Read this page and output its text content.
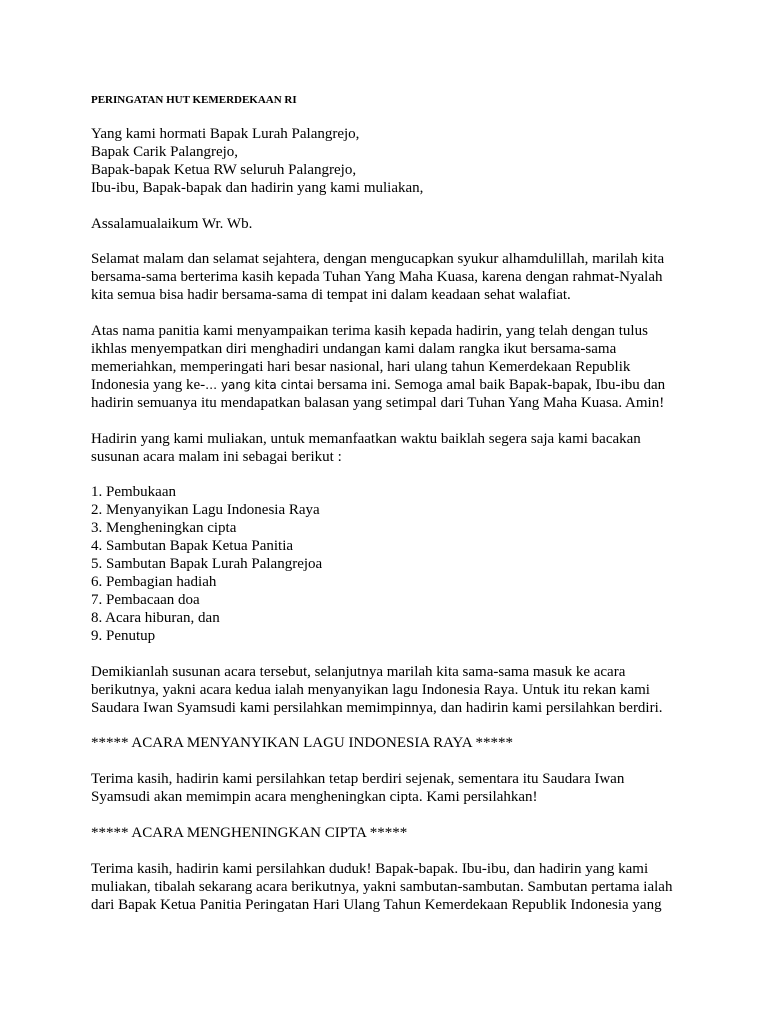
PERINGATAN HUT KEMERDEKAAN RI
Yang kami hormati Bapak Lurah Palangrejo,
Bapak Carik Palangrejo,
Bapak-bapak Ketua RW seluruh Palangrejo,
Ibu-ibu, Bapak-bapak dan hadirin yang kami muliakan,
Assalamualaikum Wr. Wb.
Selamat malam dan selamat sejahtera, dengan mengucapkan syukur alhamdulillah, marilah kita
bersama-sama berterima kasih kepada Tuhan Yang Maha Kuasa, karena dengan rahmat-Nyalah
kita semua bisa hadir bersama-sama di tempat ini dalam keadaan sehat walafiat.
Atas nama panitia kami menyampaikan terima kasih kepada hadirin, yang telah dengan tulus
ikhlas menyempatkan diri menghadiri undangan kami dalam rangka ikut bersama-sama
memeriahkan, memperingati hari besar nasional, hari ulang tahun Kemerdekaan Republik
Indonesia yang ke-… yang kita cintai bersama ini. Semoga amal baik Bapak-bapak, Ibu-ibu dan
hadirin semuanya itu mendapatkan balasan yang setimpal dari Tuhan Yang Maha Kuasa. Amin!
Hadirin yang kami muliakan, untuk memanfaatkan waktu baiklah segera saja kami bacakan
susunan acara malam ini sebagai berikut :
1. Pembukaan
2. Menyanyikan Lagu Indonesia Raya
3. Mengheningkan cipta
4. Sambutan Bapak Ketua Panitia
5. Sambutan Bapak Lurah Palangrejoa
6. Pembagian hadiah
7. Pembacaan doa
8. Acara hiburan, dan
9. Penutup
Demikianlah susunan acara tersebut, selanjutnya marilah kita sama-sama masuk ke acara
berikutnya, yakni acara kedua ialah menyanyikan lagu Indonesia Raya. Untuk itu rekan kami
Saudara Iwan Syamsudi kami persilahkan memimpinnya, dan hadirin kami persilahkan berdiri.
***** ACARA MENYANYIKAN LAGU INDONESIA RAYA *****
Terima kasih, hadirin kami persilahkan tetap berdiri sejenak, sementara itu Saudara Iwan
Syamsudi akan memimpin acara mengheningkan cipta. Kami persilahkan!
***** ACARA MENGHENINGKAN CIPTA *****
Terima kasih, hadirin kami persilahkan duduk! Bapak-bapak. Ibu-ibu, dan hadirin yang kami
muliakan, tibalah sekarang acara berikutnya, yakni sambutan-sambutan. Sambutan pertama ialah
dari Bapak Ketua Panitia Peringatan Hari Ulang Tahun Kemerdekaan Republik Indonesia yang
